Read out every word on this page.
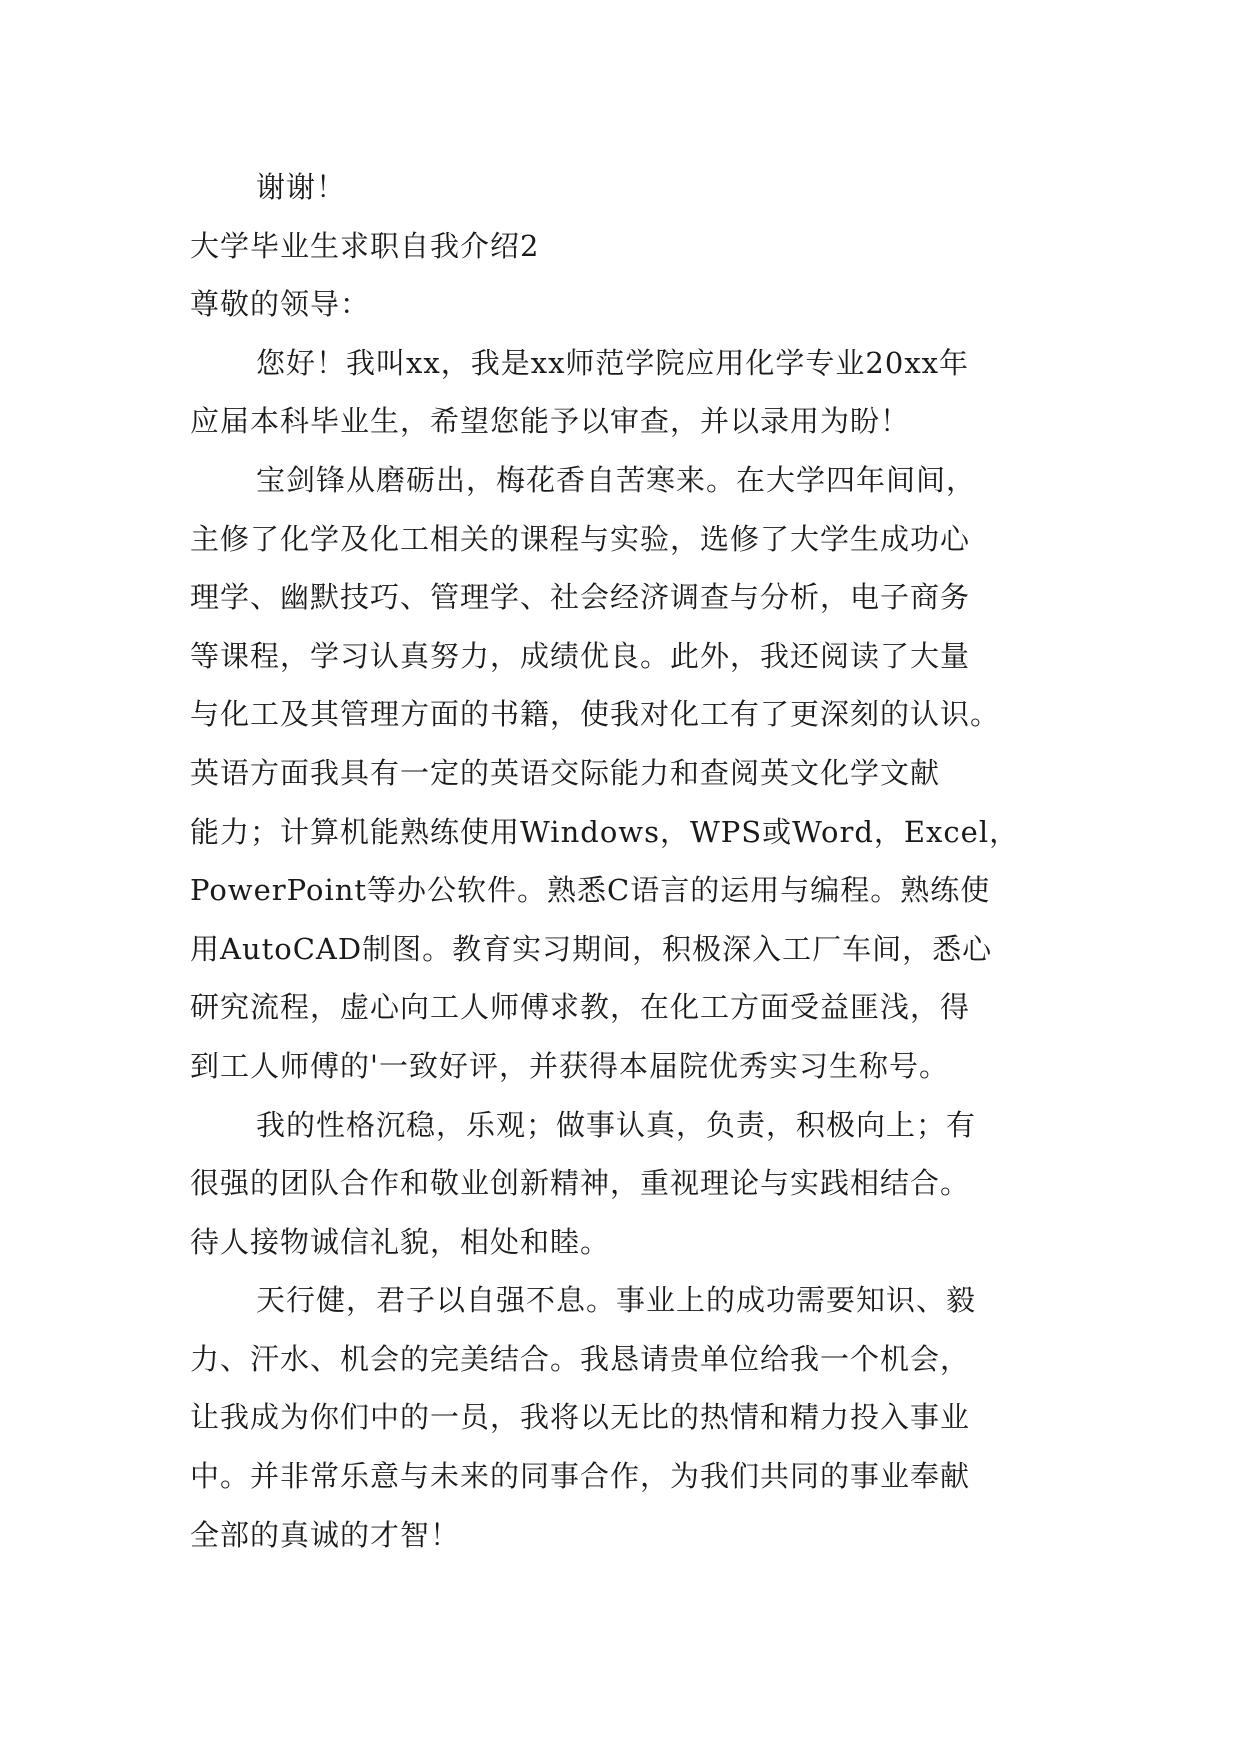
谢谢！
大学毕业生求职自我介绍2
尊敬的领导：
您好！我叫xx，我是xx师范学院应用化学专业20xx年
应届本科毕业生，希望您能予以审查，并以录用为盼！
宝剑锋从磨砺出，梅花香自苦寒来。在大学四年间间，
主修了化学及化工相关的课程与实验，选修了大学生成功心
理学、幽默技巧、管理学、社会经济调查与分析，电子商务
等课程，学习认真努力，成绩优良。此外，我还阅读了大量
与化工及其管理方面的书籍，使我对化工有了更深刻的认识。
英语方面我具有一定的英语交际能力和查阅英文化学文献
能力；计算机能熟练使用Windows，WPS或Word，Excel，
PowerPoint等办公软件。熟悉C语言的运用与编程。熟练使
用AutoCAD制图。教育实习期间，积极深入工厂车间，悉心
研究流程，虚心向工人师傅求教，在化工方面受益匪浅，得
到工人师傅的'一致好评，并获得本届院优秀实习生称号。
我的性格沉稳，乐观；做事认真，负责，积极向上；有
很强的团队合作和敬业创新精神，重视理论与实践相结合。
待人接物诚信礼貌，相处和睦。
天行健，君子以自强不息。事业上的成功需要知识、毅
力、汗水、机会的完美结合。我恳请贵单位给我一个机会，
让我成为你们中的一员，我将以无比的热情和精力投入事业
中。并非常乐意与未来的同事合作，为我们共同的事业奉献
全部的真诚的才智！
